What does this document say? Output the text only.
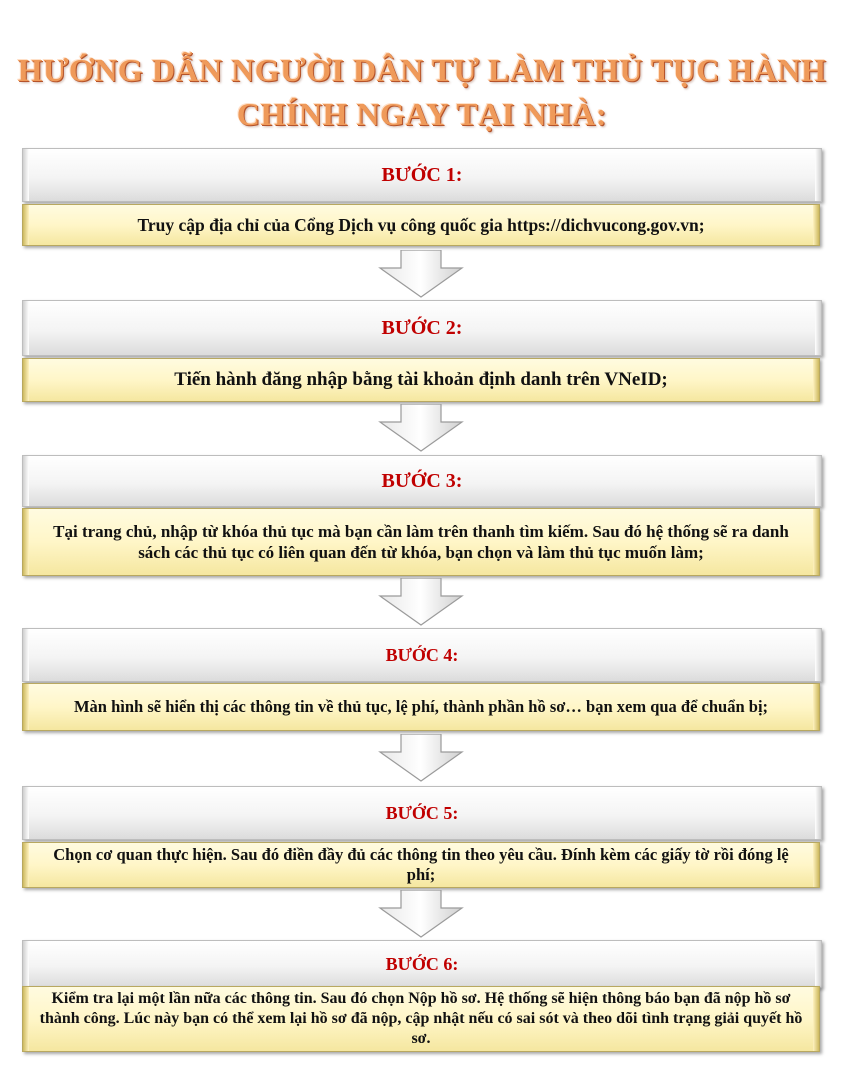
HƯỚNG DẪN NGƯỜI DÂN TỰ LÀM THỦ TỤC HÀNH
CHÍNH NGAY TẠI NHÀ:
BƯỚC 1:
Truy cập địa chỉ của Cổng Dịch vụ công quốc gia https://dichvucong.gov.vn;
BƯỚC 2:
Tiến hành đăng nhập bằng tài khoản định danh trên VNeID;
BƯỚC 3:
Tại trang chủ, nhập từ khóa thủ tục mà bạn cần làm trên thanh tìm kiếm. Sau đó hệ thống sẽ ra danh sách các thủ tục có liên quan đến từ khóa, bạn chọn và làm thủ tục muốn làm;
BƯỚC 4:
Màn hình sẽ hiển thị các thông tin về thủ tục, lệ phí, thành phần hồ sơ… bạn xem qua để chuẩn bị;
BƯỚC 5:
Chọn cơ quan thực hiện. Sau đó điền đầy đủ các thông tin theo yêu cầu. Đính kèm các giấy tờ rồi đóng lệ phí;
BƯỚC 6:
Kiểm tra lại một lần nữa các thông tin. Sau đó chọn Nộp hồ sơ. Hệ thống sẽ hiện thông báo bạn đã nộp hồ sơ thành công. Lúc này bạn có thể xem lại hồ sơ đã nộp, cập nhật nếu có sai sót và theo dõi tình trạng giải quyết hồ sơ.
